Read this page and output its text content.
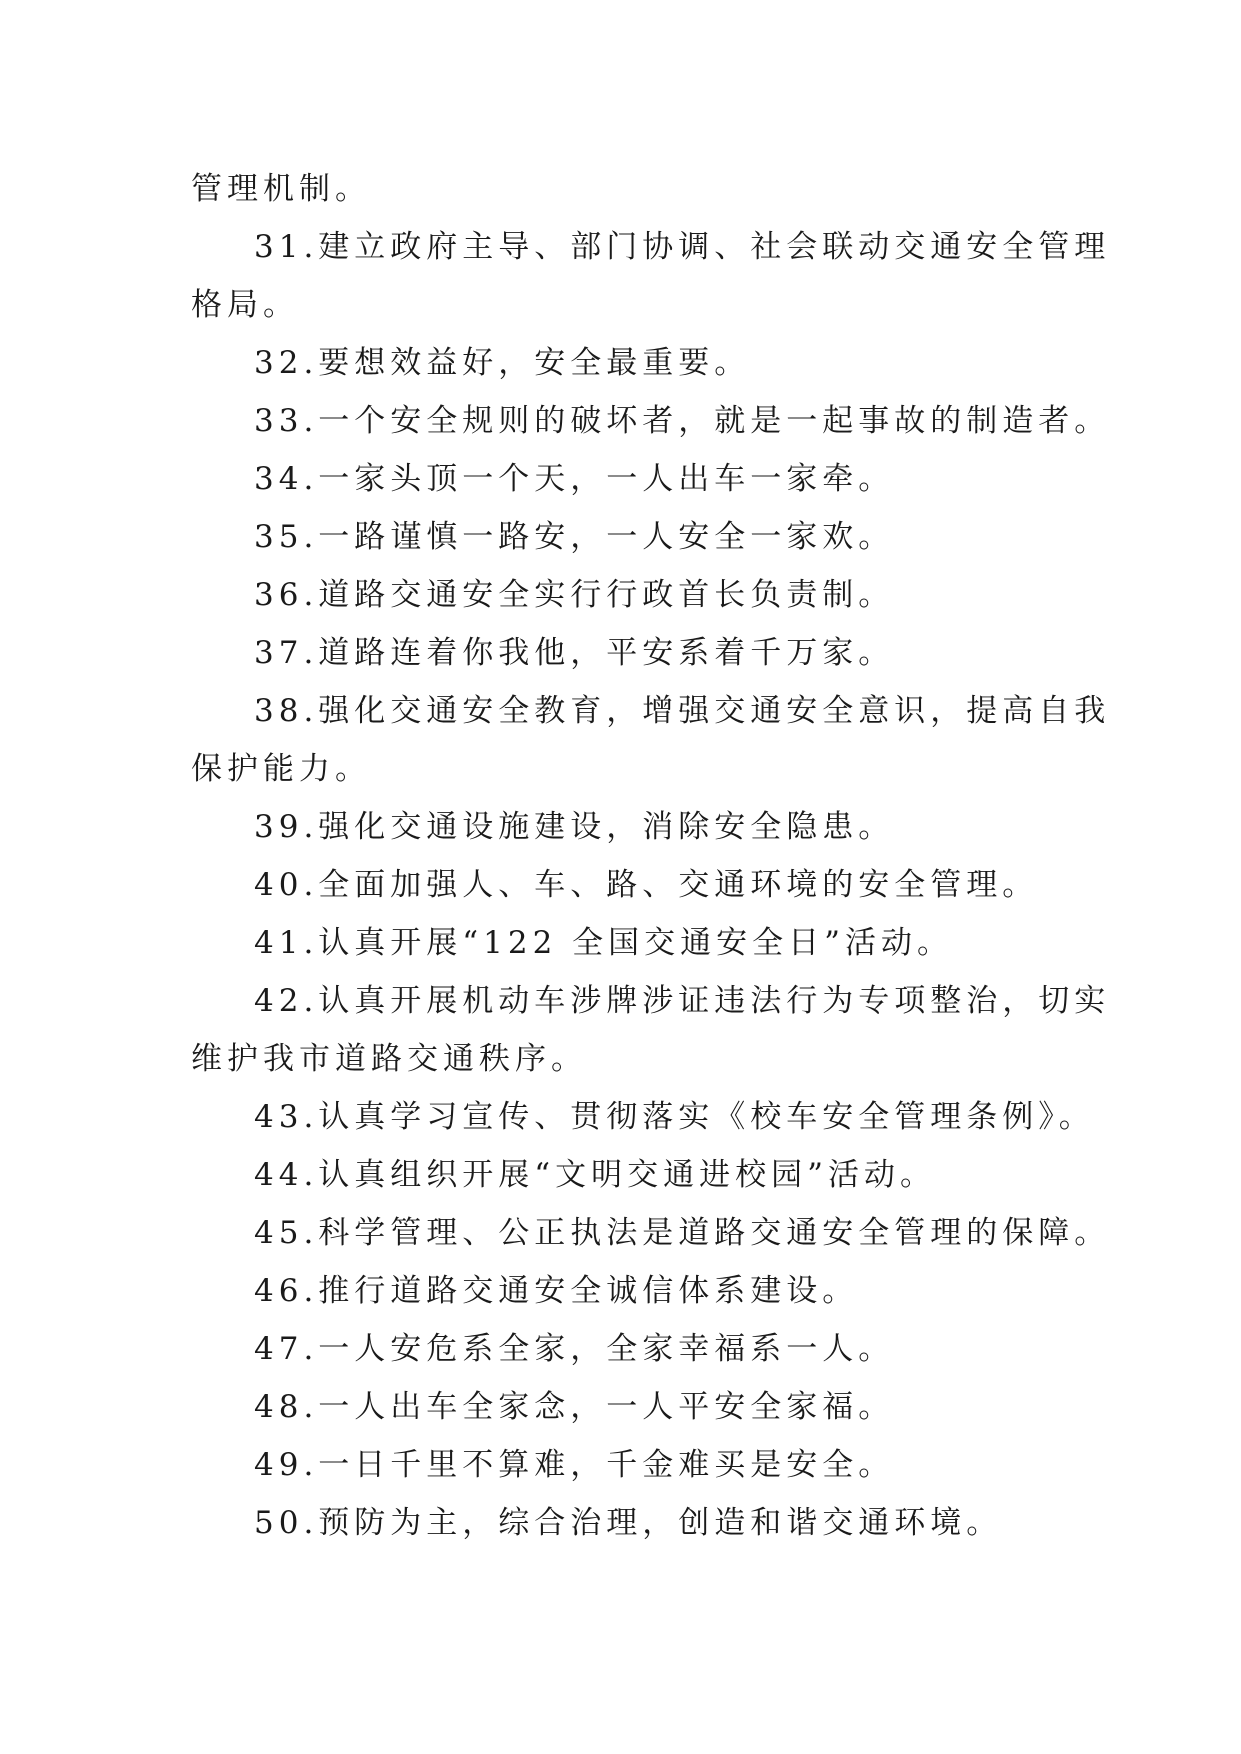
管理机制。
31.建立政府主导、部门协调、社会联动交通安全管理
格局。
32.要想效益好，安全最重要。
33.一个安全规则的破坏者，就是一起事故的制造者。
34.一家头顶一个天，一人出车一家牵。
35.一路谨慎一路安，一人安全一家欢。
36.道路交通安全实行行政首长负责制。
37.道路连着你我他，平安系着千万家。
38.强化交通安全教育，增强交通安全意识，提高自我
保护能力。
39.强化交通设施建设，消除安全隐患。
40.全面加强人、车、路、交通环境的安全管理。
41.认真开展“122 全国交通安全日”活动。
42.认真开展机动车涉牌涉证违法行为专项整治，切实
维护我市道路交通秩序。
43.认真学习宣传、贯彻落实《校车安全管理条例》。
44.认真组织开展“文明交通进校园”活动。
45.科学管理、公正执法是道路交通安全管理的保障。
46.推行道路交通安全诚信体系建设。
47.一人安危系全家，全家幸福系一人。
48.一人出车全家念，一人平安全家福。
49.一日千里不算难，千金难买是安全。
50.预防为主，综合治理，创造和谐交通环境。
